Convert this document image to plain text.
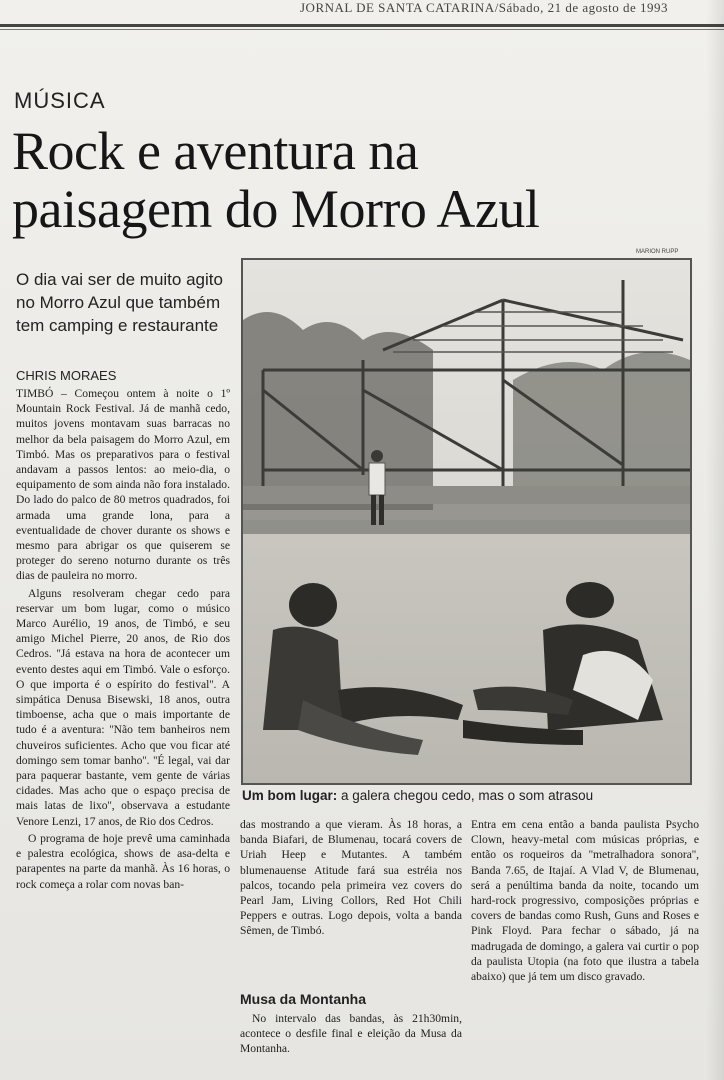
JORNAL DE SANTA CATARINA/Sábado, 21 de agosto de 1993
MÚSICA
Rock e aventura na
paisagem do Morro Azul
MARION RUPP
O dia vai ser de muito agito no Morro Azul que também tem camping e restaurante
CHRIS MORAES

TIMBÓ – Começou ontem à noite o 1º Mountain Rock Festival. Já de manhã cedo, muitos jovens montavam suas barracas no melhor da bela paisagem do Morro Azul, em Timbó. Mas os preparativos para o festival andavam a passos lentos: ao meio-dia, o equipamento de som ainda não fora instalado. Do lado do palco de 80 metros quadrados, foi armada uma grande lona, para a eventualidade de chover durante os shows e mesmo para abrigar os que quiserem se proteger do sereno noturno durante os três dias de pauleira no morro.

Alguns resolveram chegar cedo para reservar um bom lugar, como o músico Marco Aurélio, 19 anos, de Timbó, e seu amigo Michel Pierre, 20 anos, de Rio dos Cedros. ''Já estava na hora de acontecer um evento destes aqui em Timbó. Vale o esforço. O que importa é o espírito do festival''. A simpática Denusa Bisewski, 18 anos, outra timboense, acha que o mais importante de tudo é a aventura: ''Não tem banheiros nem chuveiros suficientes. Acho que vou ficar até domingo sem tomar banho''. ''É legal, vai dar para paquerar bastante, vem gente de várias cidades. Mas acho que o espaço precisa de mais latas de lixo'', observava a estudante Venore Lenzi, 17 anos, de Rio dos Cedros.

O programa de hoje prevê uma caminhada e palestra ecológica, shows de asa-delta e parapentes na parte da manhã. Às 16 horas, o rock começa a rolar com novas ban-

Um bom lugar: a galera chegou cedo, mas o som atrasou

das mostrando a que vieram. Às 18 horas, a banda Biafari, de Blumenau, tocará covers de Uriah Heep e Mutantes. A também blumenauense Atitude fará sua estréia nos palcos, tocando pela primeira vez covers do Pearl Jam, Living Collors, Red Hot Chili Peppers e outras. Logo depois, volta a banda Sêmen, de Timbó.

Musa da Montanha

No intervalo das bandas, às 21h30min, acontece o desfile final e eleição da Musa da Montanha.

Entra em cena então a banda paulista Psycho Clown, heavy-metal com músicas próprias, e então os roqueiros da ''metralhadora sonora'', Banda 7.65, de Itajaí. A Vlad V, de Blumenau, será a penúltima banda da noite, tocando um hard-rock progressivo, composições próprias e covers de bandas como Rush, Guns and Roses e Pink Floyd. Para fechar o sábado, já na madrugada de domingo, a galera vai curtir o pop da paulista Utopia (na foto que ilustra a tabela abaixo) que já tem um disco gravado.
